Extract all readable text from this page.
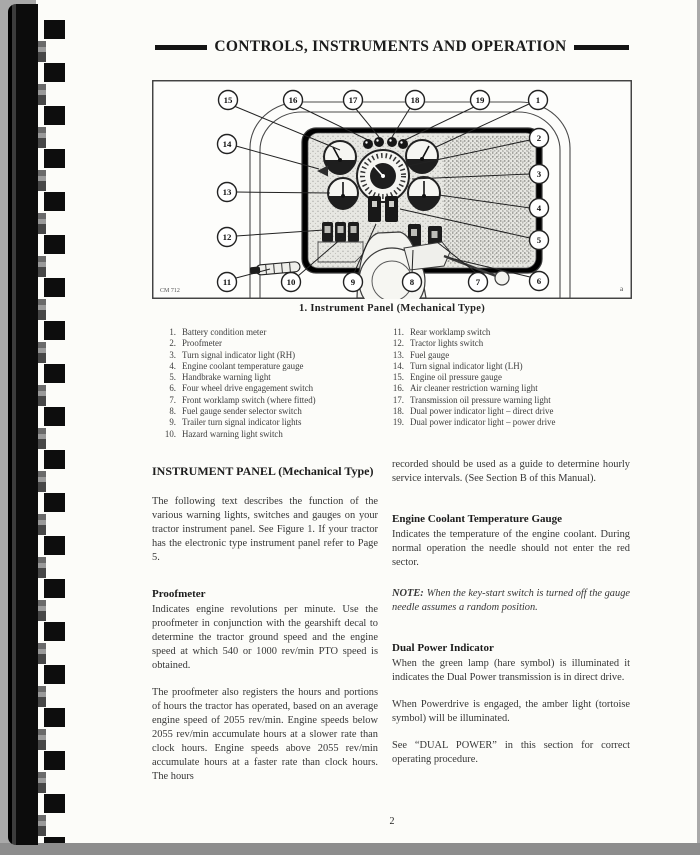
CONTROLS, INSTRUMENTS AND OPERATION
15	16	17	18	19	1
2
3
4
5
6
7
8
9
10
11
12
13
14
CM 712	a
1. Instrument Panel (Mechanical Type)
1. Battery condition meter
2. Proofmeter
3. Turn signal indicator light (RH)
4. Engine coolant temperature gauge
5. Handbrake warning light
6. Four wheel drive engagement switch
7. Front worklamp switch (where fitted)
8. Fuel gauge sender selector switch
9. Trailer turn signal indicator lights
10. Hazard warning light switch
11. Rear worklamp switch
12. Tractor lights switch
13. Fuel gauge
14. Turn signal indicator light (LH)
15. Engine oil pressure gauge
16. Air cleaner restriction warning light
17. Transmission oil pressure warning light
18. Dual power indicator light – direct drive
19. Dual power indicator light – power drive
INSTRUMENT PANEL (Mechanical Type)

The following text describes the function of the various warning lights, switches and gauges on your tractor instrument panel. See Figure 1. If your tractor has the electronic type instrument panel refer to Page 5.

Proofmeter

Indicates engine revolutions per minute. Use the proofmeter in conjunction with the gearshift decal to determine the tractor ground speed and the engine speed at which 540 or 1000 rev/min PTO speed is obtained.

The proofmeter also registers the hours and portions of hours the tractor has operated, based on an average engine speed of 2055 rev/min. Engine speeds below 2055 rev/min accumulate hours at a slower rate than clock hours. Engine speeds above 2055 rev/min accumulate hours at a faster rate than clock hours. The hours

recorded should be used as a guide to determine hourly service intervals. (See Section B of this Manual).

Engine Coolant Temperature Gauge

Indicates the temperature of the engine coolant. During normal operation the needle should not enter the red sector.

NOTE: When the key-start switch is turned off the gauge needle assumes a random position.

Dual Power Indicator

When the green lamp (hare symbol) is illuminated it indicates the Dual Power transmission is in direct drive.

When Powerdrive is engaged, the amber light (tortoise symbol) will be illuminated.

See “DUAL POWER” in this section for correct operating procedure.

2
